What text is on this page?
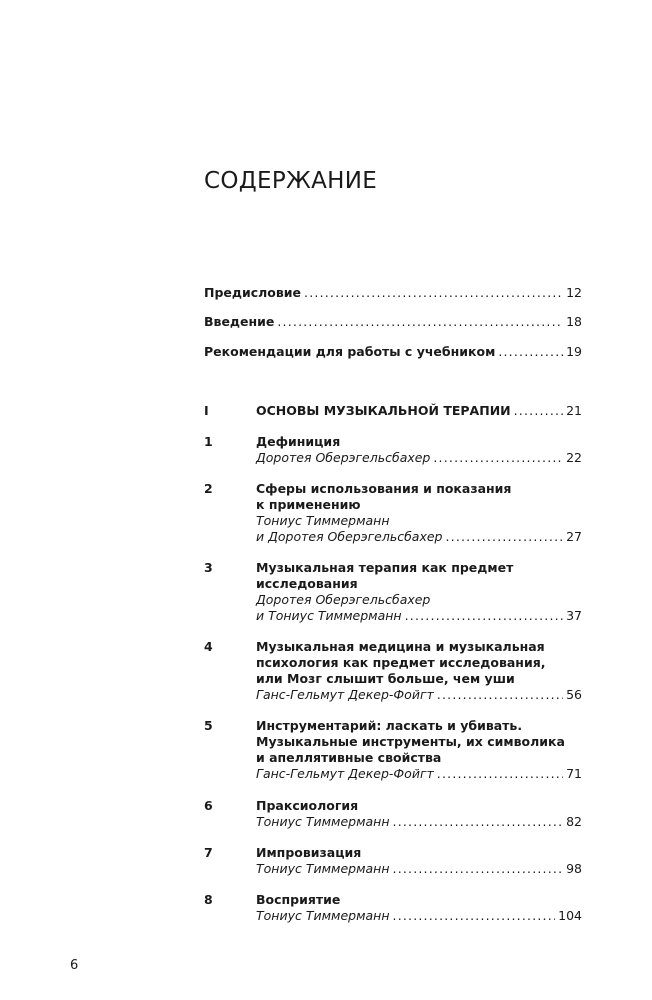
СОДЕРЖАНИЕ
Предисловие .....	12
Введение .....	18
Рекомендации для работы с учебником .....	19
I	ОСНОВЫ МУЗЫКАЛЬНОЙ ТЕРАПИИ .....	21
1	Дефиниция
Доротея Оберэгельсбахер .....	22
2	Сферы использования и показания
к применению
Тониус Тиммерманн
и Доротея Оберэгельсбахер .....	27
3	Музыкальная терапия как предмет
исследования
Доротея Оберэгельсбахер
и Тониус Тиммерманн .....	37
4	Музыкальная медицина и музыкальная
психология как предмет исследования,
или Мозг слышит больше, чем уши
Ганс-Гельмут Декер-Фойгт .....	56
5	Инструментарий: ласкать и убивать.
Музыкальные инструменты, их символика
и апеллятивные свойства
Ганс-Гельмут Декер-Фойгт .....	71
6	Праксиология
Тониус Тиммерманн .....	82
7	Импровизация
Тониус Тиммерманн .....	98
8	Восприятие
Тониус Тиммерманн .....	104
6
